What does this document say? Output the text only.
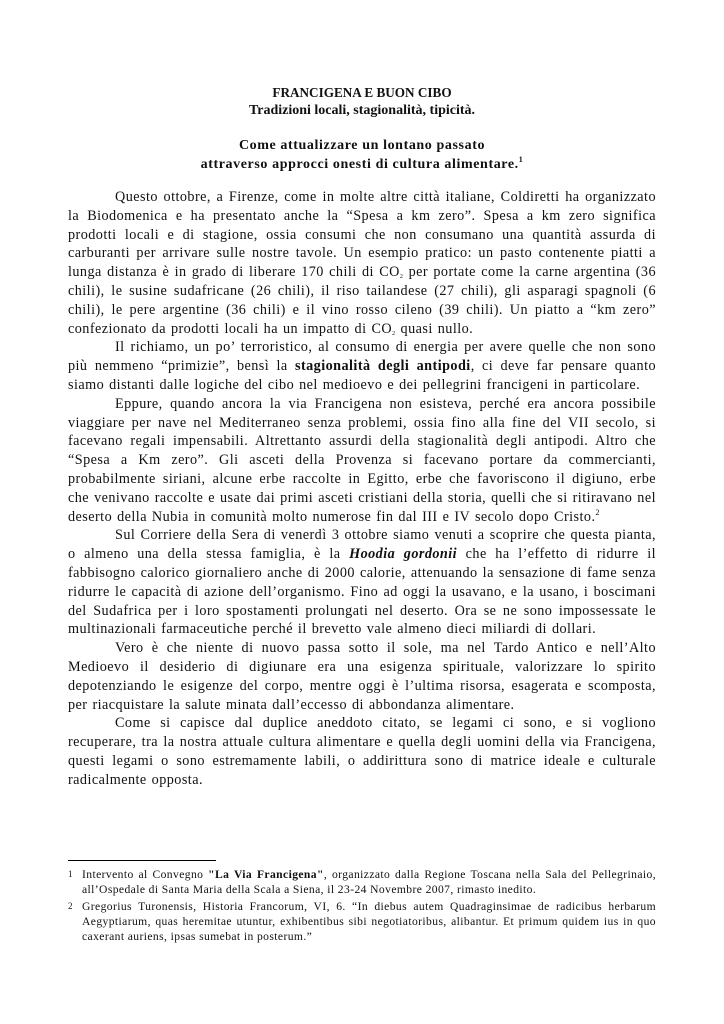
FRANCIGENA E BUON CIBO

Tradizioni locali, stagionalità, tipicità.

Come attualizzare un lontano passato

attraverso approcci onesti di cultura alimentare.$^1$

Questo ottobre, a Firenze, come in molte altre città italiane, Coldiretti ha organizzato la Biodomenica e ha presentato anche la “Spesa a km zero”. Spesa a km zero significa prodotti locali e di stagione, ossia consumi che non consumano una quantità assurda di carburanti per arrivare sulle nostre tavole. Un esempio pratico: un pasto contenente piatti a lunga distanza è in grado di liberare 170 chili di $CO_2$ per portate come la carne argentina (36 chili), le susine sudafricane (26 chili), il riso tailandese (27 chili), gli asparagi spagnoli (6 chili), le pere argentine (36 chili) e il vino rosso cileno (39 chili). Un piatto a “km zero” confezionato da prodotti locali ha un impatto di $CO_2$ quasi nullo.

Il richiamo, un po’ terroristico, al consumo di energia per avere quelle che non sono più nemmeno “primizie”, bensì la stagionalità degli antipodi, ci deve far pensare quanto siamo distanti dalle logiche del cibo nel medioevo e dei pellegrini francigeni in particolare.

Eppure, quando ancora la via Francigena non esisteva, perché era ancora possibile viaggiare per nave nel Mediterraneo senza problemi, ossia fino alla fine del VII secolo, si facevano regali impensabili. Altrettanto assurdi della stagionalità degli antipodi. Altro che “Spesa a Km zero”. Gli asceti della Provenza si facevano portare da commercianti, probabilmente siriani, alcune erbe raccolte in Egitto, erbe che favoriscono il digiuno, erbe che venivano raccolte e usate dai primi asceti cristiani della storia, quelli che si ritiravano nel deserto della Nubia in comunità molto numerose fin dal III e IV secolo dopo Cristo.$^2$

Sul Corriere della Sera di venerdì 3 ottobre siamo venuti a scoprire che questa pianta, o almeno una della stessa famiglia, è la Hoodia gordonii che ha l’effetto di ridurre il fabbisogno calorico giornaliero anche di 2000 calorie, attenuando la sensazione di fame senza ridurre le capacità di azione dell’organismo. Fino ad oggi la usavano, e la usano, i boscimani del Sudafrica per i loro spostamenti prolungati nel deserto. Ora se ne sono impossessate le multinazionali farmaceutiche perché il brevetto vale almeno dieci miliardi di dollari.

Vero è che niente di nuovo passa sotto il sole, ma nel Tardo Antico e nell’Alto Medioevo il desiderio di digiunare era una esigenza spirituale, valorizzare lo spirito depotenziando le esigenze del corpo, mentre oggi è l’ultima risorsa, esagerata e scomposta, per riacquistare la salute minata dall’eccesso di abbondanza alimentare.

Come si capisce dal duplice aneddoto citato, se legami ci sono, e si vogliono recuperare, tra la nostra attuale cultura alimentare e quella degli uomini della via Francigena, questi legami o sono estremamente labili, o addirittura sono di matrice ideale e culturale radicalmente opposta.

1 Intervento al Convegno "La Via Francigena", organizzato dalla Regione Toscana nella Sala del Pellegrinaio, all’Ospedale di Santa Maria della Scala a Siena, il 23-24 Novembre 2007, rimasto inedito.
2 Gregorius Turonensis, Historia Francorum, VI, 6. “In diebus autem Quadraginsimae de radicibus herbarum Aegyptiarum, quas heremitae utuntur, exhibentibus sibi negotiatoribus, alibantur. Et primum quidem ius in quo caxerant auriens, ipsas sumebat in posterum.”
